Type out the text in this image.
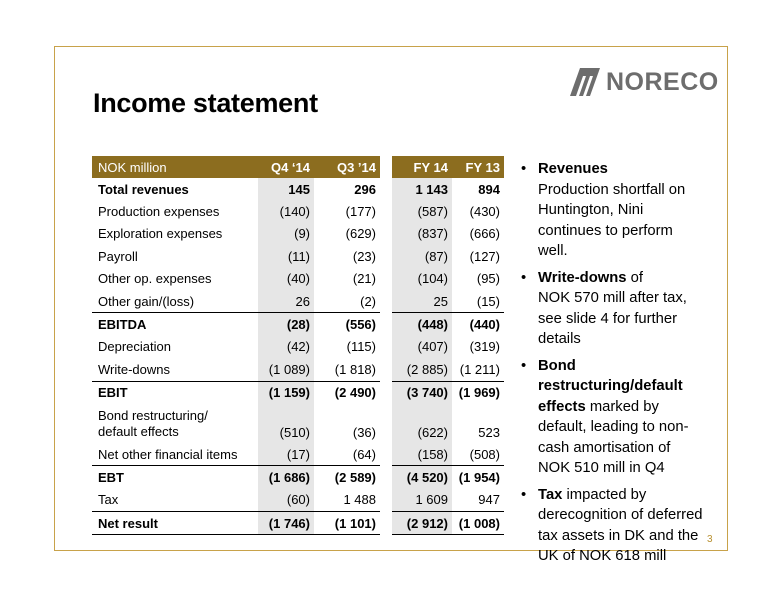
NORECO
Income statement
NOK million	Q4 ‘14	Q3 ’14		FY 14	FY 13
Total revenues	145	296		1 143	894
Production expenses	(140)	(177)		(587)	(430)
Exploration expenses	(9)	(629)		(837)	(666)
Payroll	(11)	(23)		(87)	(127)
Other op. expenses	(40)	(21)		(104)	(95)
Other gain/(loss)	26	(2)		25	(15)
EBITDA	(28)	(556)		(448)	(440)
Depreciation	(42)	(115)		(407)	(319)
Write-downs	(1 089)	(1 818)		(2 885)	(1 211)
EBIT	(1 159)	(2 490)		(3 740)	(1 969)
Bond restructuring/
default effects	(510)	(36)		(622)	523
Net other financial items	(17)	(64)		(158)	(508)
EBT	(1 686)	(2 589)		(4 520)	(1 954)
Tax	(60)	1 488		1 609	947
Net result	(1 746)	(1 101)		(2 912)	(1 008)
• Revenues
Production shortfall on
Huntington, Nini
continues to perform
well.
• Write-downs of
NOK 570 mill after tax,
see slide 4 for further
details
• Bond
restructuring/default
effects marked by
default, leading to non-
cash amortisation of
NOK 510 mill in Q4
• Tax impacted by
derecognition of deferred
tax assets in DK and the
UK of NOK 618 mill
3
